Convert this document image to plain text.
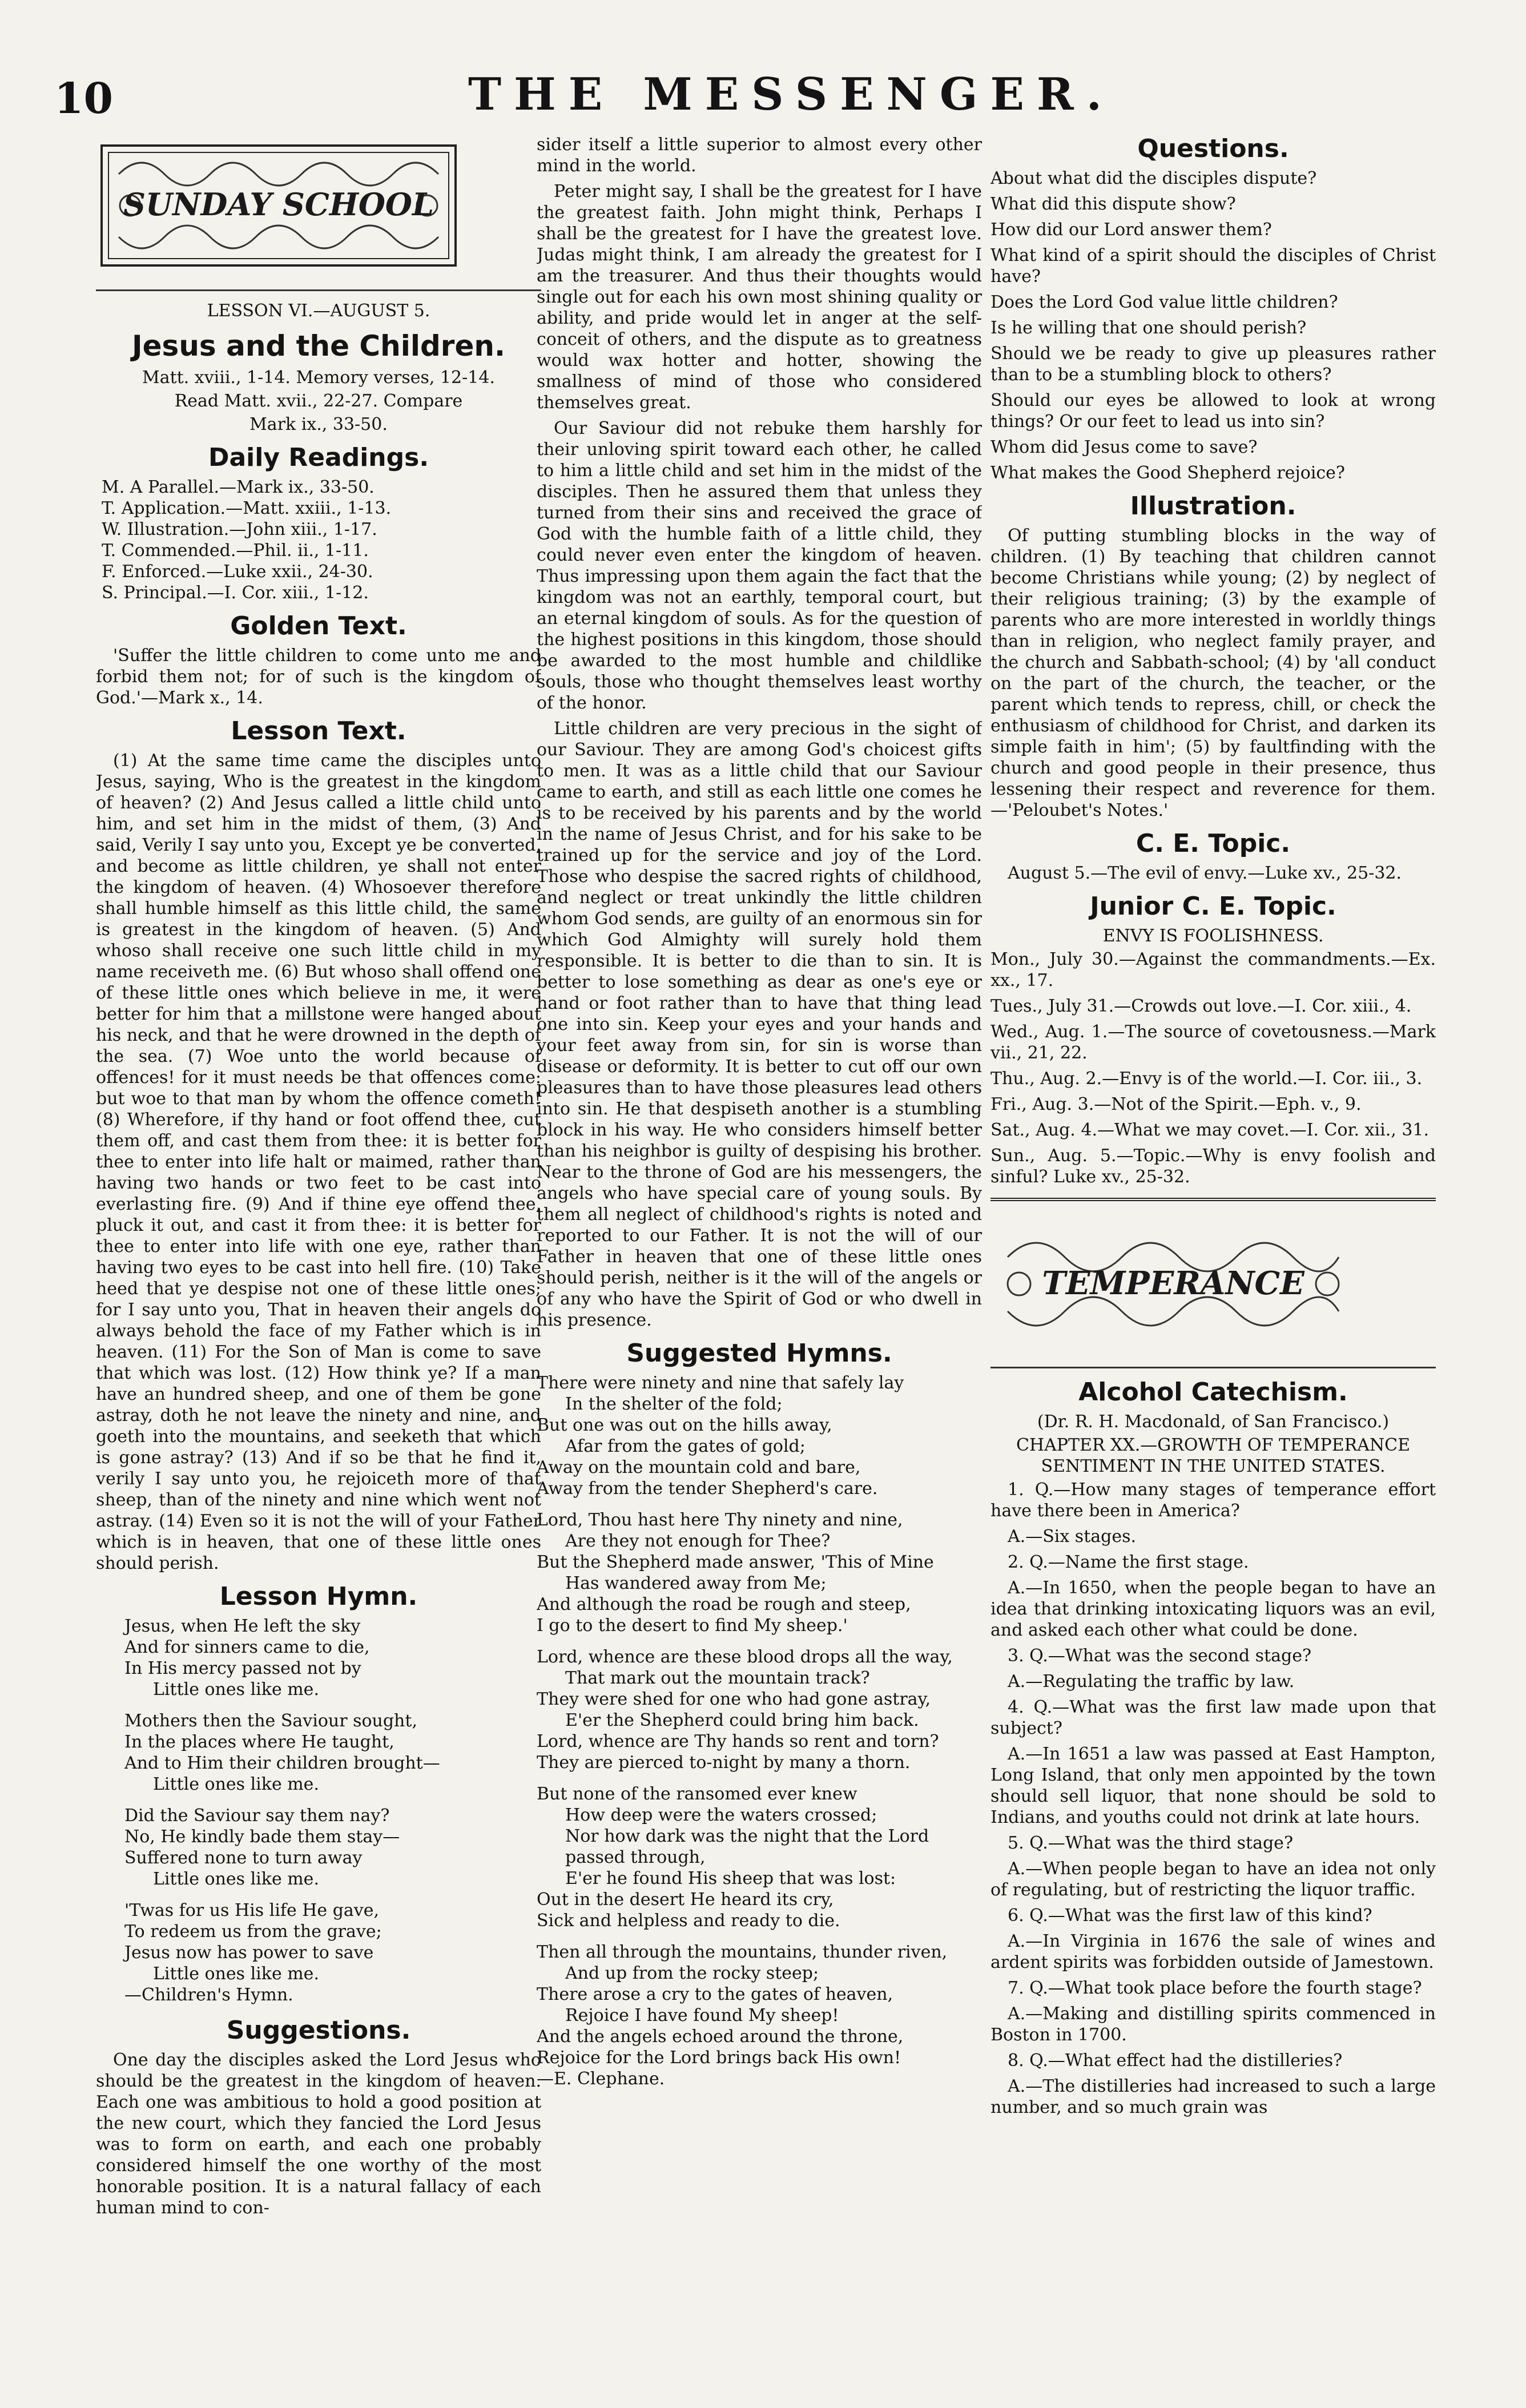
10	THE MESSENGER.
SUNDAY SCHOOL
LESSON VI.—AUGUST 5.
Jesus and the Children.
Matt. xviii., 1-14. Memory verses, 12-14.
Read Matt. xvii., 22-27. Compare
Mark ix., 33-50.
Daily Readings.
M. A Parallel.—Mark ix., 33-50.
T. Application.—Matt. xxiii., 1-13.
W. Illustration.—John xiii., 1-17.
T. Commended.—Phil. ii., 1-11.
F. Enforced.—Luke xxii., 24-30.
S. Principal.—I. Cor. xiii., 1-12.
Golden Text.

'Suffer the little children to come unto me and forbid them not; for of such is the kingdom of God.'—Mark x., 14.

Lesson Text.

(1) At the same time came the disciples unto Jesus, saying, Who is the greatest in the kingdom of heaven? (2) And Jesus called a little child unto him, and set him in the midst of them, (3) And said, Verily I say unto you, Except ye be converted, and become as little children, ye shall not enter the kingdom of heaven. (4) Whosoever therefore shall humble himself as this little child, the same is greatest in the kingdom of heaven. (5) And whoso shall receive one such little child in my name receiveth me. (6) But whoso shall offend one of these little ones which believe in me, it were better for him that a millstone were hanged about his neck, and that he were drowned in the depth of the sea. (7) Woe unto the world because of offences! for it must needs be that offences come: but woe to that man by whom the offence cometh! (8) Wherefore, if thy hand or foot offend thee, cut them off, and cast them from thee: it is better for thee to enter into life halt or maimed, rather than having two hands or two feet to be cast into everlasting fire. (9) And if thine eye offend thee, pluck it out, and cast it from thee: it is better for thee to enter into life with one eye, rather than having two eyes to be cast into hell fire. (10) Take heed that ye despise not one of these little ones; for I say unto you, That in heaven their angels do always behold the face of my Father which is in heaven. (11) For the Son of Man is come to save that which was lost. (12) How think ye? If a man have an hundred sheep, and one of them be gone astray, doth he not leave the ninety and nine, and goeth into the mountains, and seeketh that which is gone astray? (13) And if so be that he find it, verily I say unto you, he rejoiceth more of that sheep, than of the ninety and nine which went not astray. (14) Even so it is not the will of your Father which is in heaven, that one of these little ones should perish.

Lesson Hymn.
Jesus, when He left the sky
And for sinners came to die,
In His mercy passed not by
Little ones like me.
Mothers then the Saviour sought,
In the places where He taught,
And to Him their children brought—
Little ones like me.
Did the Saviour say them nay?
No, He kindly bade them stay—
Suffered none to turn away
Little ones like me.
'Twas for us His life He gave,
To redeem us from the grave;
Jesus now has power to save
Little ones like me.
—Children's Hymn.
Suggestions.

One day the disciples asked the Lord Jesus who should be the greatest in the kingdom of heaven. Each one was ambitious to hold a good position at the new court, which they fancied the Lord Jesus was to form on earth, and each one probably considered himself the one worthy of the most honorable position. It is a natural fallacy of each human mind to con-

sider itself a little superior to almost every other mind in the world.

Peter might say, I shall be the greatest for I have the greatest faith. John might think, Perhaps I shall be the greatest for I have the greatest love. Judas might think, I am already the greatest for I am the treasurer. And thus their thoughts would single out for each his own most shining quality or ability, and pride would let in anger at the self-conceit of others, and the dispute as to greatness would wax hotter and hotter, showing the smallness of mind of those who considered themselves great.

Our Saviour did not rebuke them harshly for their unloving spirit toward each other, he called to him a little child and set him in the midst of the disciples. Then he assured them that unless they turned from their sins and received the grace of God with the humble faith of a little child, they could never even enter the kingdom of heaven. Thus impressing upon them again the fact that the kingdom was not an earthly, temporal court, but an eternal kingdom of souls. As for the question of the highest positions in this kingdom, those should be awarded to the most humble and childlike souls, those who thought themselves least worthy of the honor.

Little children are very precious in the sight of our Saviour. They are among God's choicest gifts to men. It was as a little child that our Saviour came to earth, and still as each little one comes he is to be received by his parents and by the world in the name of Jesus Christ, and for his sake to be trained up for the service and joy of the Lord. Those who despise the sacred rights of childhood, and neglect or treat unkindly the little children whom God sends, are guilty of an enormous sin for which God Almighty will surely hold them responsible. It is better to die than to sin. It is better to lose something as dear as one's eye or hand or foot rather than to have that thing lead one into sin. Keep your eyes and your hands and your feet away from sin, for sin is worse than disease or deformity. It is better to cut off our own pleasures than to have those pleasures lead others into sin. He that despiseth another is a stumbling block in his way. He who considers himself better than his neighbor is guilty of despising his brother. Near to the throne of God are his messengers, the angels who have special care of young souls. By them all neglect of childhood's rights is noted and reported to our Father. It is not the will of our Father in heaven that one of these little ones should perish, neither is it the will of the angels or of any who have the Spirit of God or who dwell in his presence.

Suggested Hymns.
There were ninety and nine that safely lay
In the shelter of the fold;
But one was out on the hills away,
Afar from the gates of gold;
Away on the mountain cold and bare,
Away from the tender Shepherd's care.
Lord, Thou hast here Thy ninety and nine,
Are they not enough for Thee?
But the Shepherd made answer, 'This of Mine
Has wandered away from Me;
And although the road be rough and steep,
I go to the desert to find My sheep.'
Lord, whence are these blood drops all the way,
That mark out the mountain track?
They were shed for one who had gone astray,
E'er the Shepherd could bring him back.
Lord, whence are Thy hands so rent and torn?
They are pierced to-night by many a thorn.
But none of the ransomed ever knew
How deep were the waters crossed;
Nor how dark was the night that the Lord passed through,
E'er he found His sheep that was lost:
Out in the desert He heard its cry,
Sick and helpless and ready to die.
Then all through the mountains, thunder riven,
And up from the rocky steep;
There arose a cry to the gates of heaven,
Rejoice I have found My sheep!
And the angels echoed around the throne,
Rejoice for the Lord brings back His own!
—E. Clephane.
Questions.

About what did the disciples dispute?

What did this dispute show?

How did our Lord answer them?

What kind of a spirit should the disciples of Christ have?

Does the Lord God value little children?

Is he willing that one should perish?

Should we be ready to give up pleasures rather than to be a stumbling block to others?

Should our eyes be allowed to look at wrong things? Or our feet to lead us into sin?

Whom did Jesus come to save?

What makes the Good Shepherd rejoice?

Illustration.

Of putting stumbling blocks in the way of children. (1) By teaching that children cannot become Christians while young; (2) by neglect of their religious training; (3) by the example of parents who are more interested in worldly things than in religion, who neglect family prayer, and the church and Sabbath-school; (4) by 'all conduct on the part of the church, the teacher, or the parent which tends to repress, chill, or check the enthusiasm of childhood for Christ, and darken its simple faith in him'; (5) by faultfinding with the church and good people in their presence, thus lessening their respect and reverence for them.—'Peloubet's Notes.'

C. E. Topic.

August 5.—The evil of envy.—Luke xv., 25-32.

Junior C. E. Topic.
ENVY IS FOOLISHNESS.

Mon., July 30.—Against the commandments.—Ex. xx., 17.

Tues., July 31.—Crowds out love.—I. Cor. xiii., 4.

Wed., Aug. 1.—The source of covetousness.—Mark vii., 21, 22.

Thu., Aug. 2.—Envy is of the world.—I. Cor. iii., 3.

Fri., Aug. 3.—Not of the Spirit.—Eph. v., 9.

Sat., Aug. 4.—What we may covet.—I. Cor. xii., 31.

Sun., Aug. 5.—Topic.—Why is envy foolish and sinful? Luke xv., 25-32.

TEMPERANCE
Alcohol Catechism.
(Dr. R. H. Macdonald, of San Francisco.)
CHAPTER XX.—GROWTH OF TEMPERANCE SENTIMENT IN THE UNITED STATES.

1. Q.—How many stages of temperance effort have there been in America?

A.—Six stages.

2. Q.—Name the first stage.

A.—In 1650, when the people began to have an idea that drinking intoxicating liquors was an evil, and asked each other what could be done.

3. Q.—What was the second stage?

A.—Regulating the traffic by law.

4. Q.—What was the first law made upon that subject?

A.—In 1651 a law was passed at East Hampton, Long Island, that only men appointed by the town should sell liquor, that none should be sold to Indians, and youths could not drink at late hours.

5. Q.—What was the third stage?

A.—When people began to have an idea not only of regulating, but of restricting the liquor traffic.

6. Q.—What was the first law of this kind?

A.—In Virginia in 1676 the sale of wines and ardent spirits was forbidden outside of Jamestown.

7. Q.—What took place before the fourth stage?

A.—Making and distilling spirits commenced in Boston in 1700.

8. Q.—What effect had the distilleries?

A.—The distilleries had increased to such a large number, and so much grain was
